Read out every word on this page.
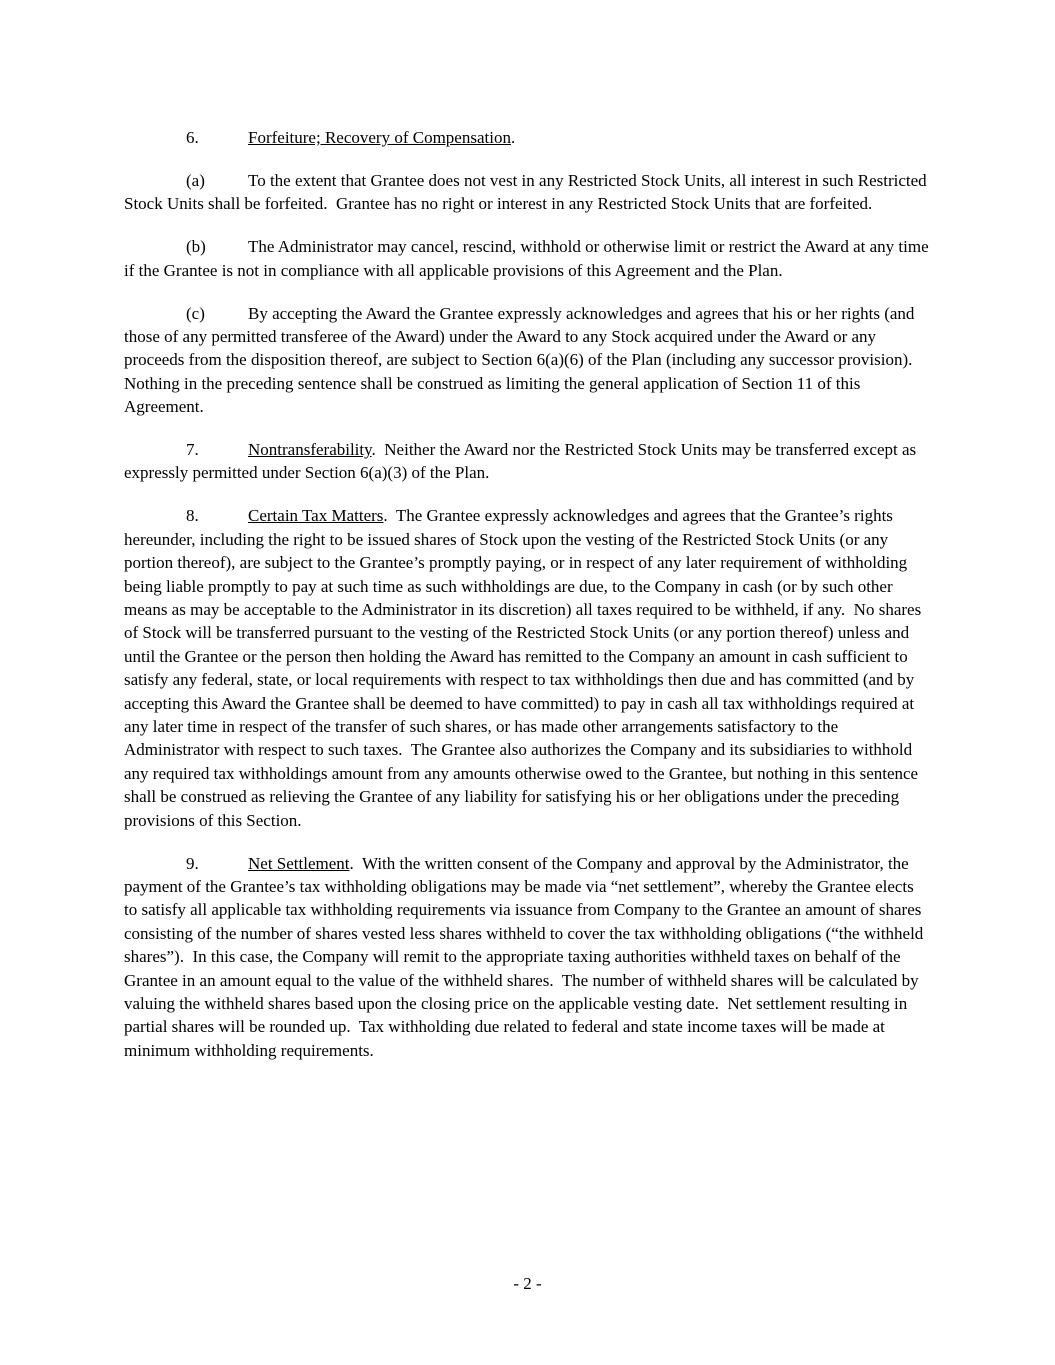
6.	Forfeiture; Recovery of Compensation.

(a)	To the extent that Grantee does not vest in any Restricted Stock Units, all interest in such Restricted Stock Units shall be forfeited.  Grantee has no right or interest in any Restricted Stock Units that are forfeited.

(b) The Administrator may cancel, rescind, withhold or otherwise limit or restrict the Award at any time if the Grantee is not in compliance with all applicable provisions of this Agreement and the Plan.

(c)	By accepting the Award the Grantee expressly acknowledges and agrees that his or her rights (and those of any permitted transferee of the Award) under the Award to any Stock acquired under the Award or any proceeds from the disposition thereof, are subject to Section 6(a)(6) of the Plan (including any successor provision).  Nothing in the preceding sentence shall be construed as limiting the general application of Section 11 of this Agreement.

7.	Nontransferability.  Neither the Award nor the Restricted Stock Units may be transferred except as expressly permitted under Section 6(a)(3) of the Plan.

8.	Certain Tax Matters.  The Grantee expressly acknowledges and agrees that the Grantee’s rights hereunder, including the right to be issued shares of Stock upon the vesting of the Restricted Stock Units (or any portion thereof), are subject to the Grantee’s promptly paying, or in respect of any later requirement of withholding being liable promptly to pay at such time as such withholdings are due, to the Company in cash (or by such other means as may be acceptable to the Administrator in its discretion) all taxes required to be withheld, if any.  No shares of Stock will be transferred pursuant to the vesting of the Restricted Stock Units (or any portion thereof) unless and until the Grantee or the person then holding the Award has remitted to the Company an amount in cash sufficient to satisfy any federal, state, or local requirements with respect to tax withholdings then due and has committed (and by accepting this Award the Grantee shall be deemed to have committed) to pay in cash all tax withholdings required at any later time in respect of the transfer of such shares, or has made other arrangements satisfactory to the Administrator with respect to such taxes.  The Grantee also authorizes the Company and its subsidiaries to withhold any required tax withholdings amount from any amounts otherwise owed to the Grantee, but nothing in this sentence shall be construed as relieving the Grantee of any liability for satisfying his or her obligations under the preceding provisions of this Section.

9.	Net Settlement.  With the written consent of the Company and approval by the Administrator, the payment of the Grantee’s tax withholding obligations may be made via “net settlement”, whereby the Grantee elects to satisfy all applicable tax withholding requirements via issuance from Company to the Grantee an amount of shares consisting of the number of shares vested less shares withheld to cover the tax withholding obligations (“the withheld shares”).  In this case, the Company will remit to the appropriate taxing authorities withheld taxes on behalf of the Grantee in an amount equal to the value of the withheld shares.  The number of withheld shares will be calculated by valuing the withheld shares based upon the closing price on the applicable vesting date.  Net settlement resulting in partial shares will be rounded up.  Tax withholding due related to federal and state income taxes will be made at minimum withholding requirements.

- 2 -
